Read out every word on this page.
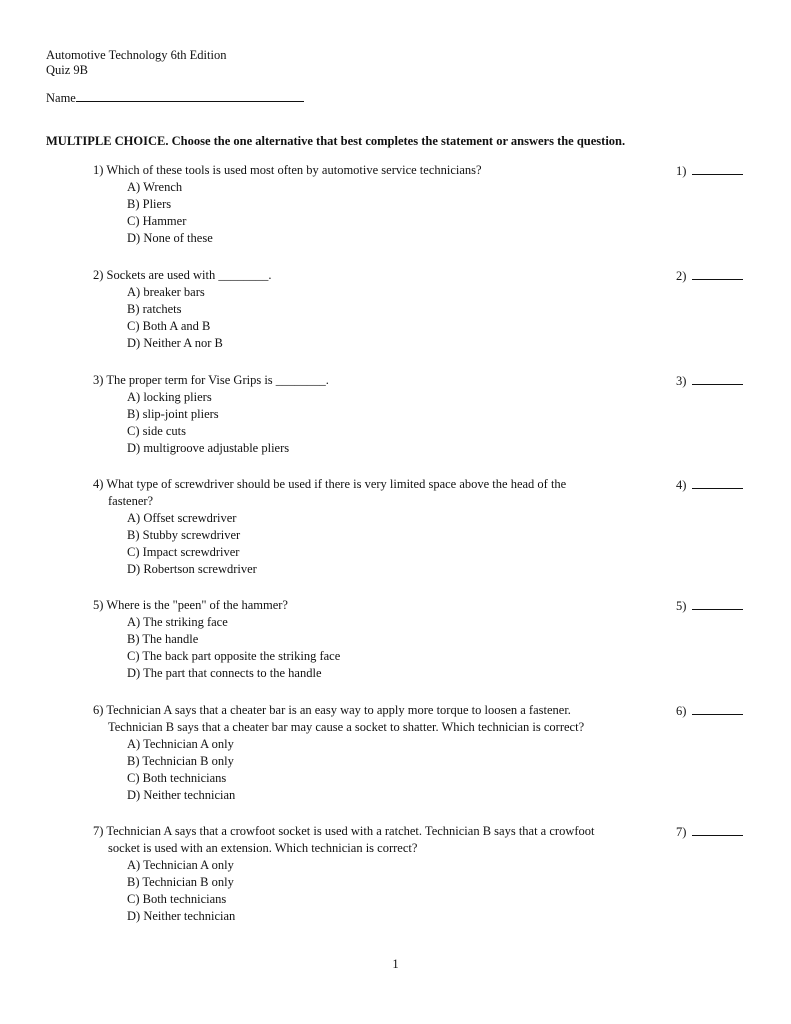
Automotive Technology 6th Edition
Quiz 9B
Name
MULTIPLE CHOICE. Choose the one alternative that best completes the statement or answers the question.
1) Which of these tools is used most often by automotive service technicians?
A) Wrench
B) Pliers
C) Hammer
D) None of these
1)
2) Sockets are used with ________.
A) breaker bars
B) ratchets
C) Both A and B
D) Neither A nor B
2)
3) The proper term for Vise Grips is ________.
A) locking pliers
B) slip-joint pliers
C) side cuts
D) multigroove adjustable pliers
3)
4) What type of screwdriver should be used if there is very limited space above the head of the
fastener?
A) Offset screwdriver
B) Stubby screwdriver
C) Impact screwdriver
D) Robertson screwdriver
4)
5) Where is the "peen" of the hammer?
A) The striking face
B) The handle
C) The back part opposite the striking face
D) The part that connects to the handle
5)
6) Technician A says that a cheater bar is an easy way to apply more torque to loosen a fastener.
Technician B says that a cheater bar may cause a socket to shatter. Which technician is correct?
A) Technician A only
B) Technician B only
C) Both technicians
D) Neither technician
6)
7) Technician A says that a crowfoot socket is used with a ratchet. Technician B says that a crowfoot
socket is used with an extension. Which technician is correct?
A) Technician A only
B) Technician B only
C) Both technicians
D) Neither technician
7)
1
